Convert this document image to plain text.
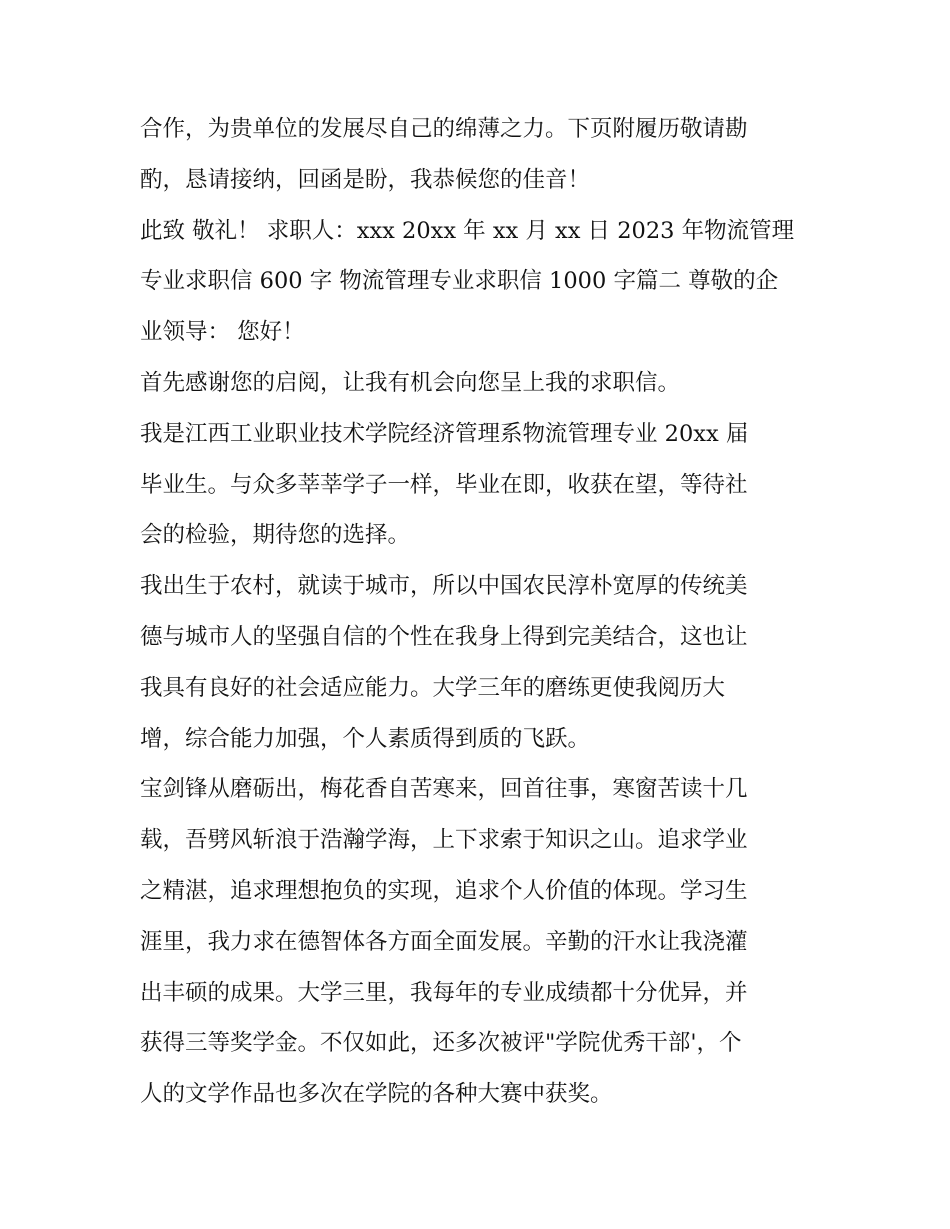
合作，为贵单位的发展尽自己的绵薄之力。下页附履历敬请勘
酌，恳请接纳，回函是盼，我恭候您的佳音！
此致 敬礼！ 求职人：xxx 20xx 年 xx 月 xx 日 2023 年物流管理
专业求职信 600 字 物流管理专业求职信 1000 字篇二 尊敬的企
业领导： 您好！
首先感谢您的启阅，让我有机会向您呈上我的求职信。
我是江西工业职业技术学院经济管理系物流管理专业 20xx 届
毕业生。与众多莘莘学子一样，毕业在即，收获在望，等待社
会的检验，期待您的选择。
我出生于农村，就读于城市，所以中国农民淳朴宽厚的传统美
德与城市人的坚强自信的个性在我身上得到完美结合，这也让
我具有良好的社会适应能力。大学三年的磨练更使我阅历大
增，综合能力加强，个人素质得到质的飞跃。
宝剑锋从磨砺出，梅花香自苦寒来，回首往事，寒窗苦读十几
载，吾劈风斩浪于浩瀚学海，上下求索于知识之山。追求学业
之精湛，追求理想抱负的实现，追求个人价值的体现。学习生
涯里，我力求在德智体各方面全面发展。辛勤的汗水让我浇灌
出丰硕的成果。大学三里，我每年的专业成绩都十分优异，并
获得三等奖学金。不仅如此，还多次被评"学院优秀干部'，个
人的文学作品也多次在学院的各种大赛中获奖。
